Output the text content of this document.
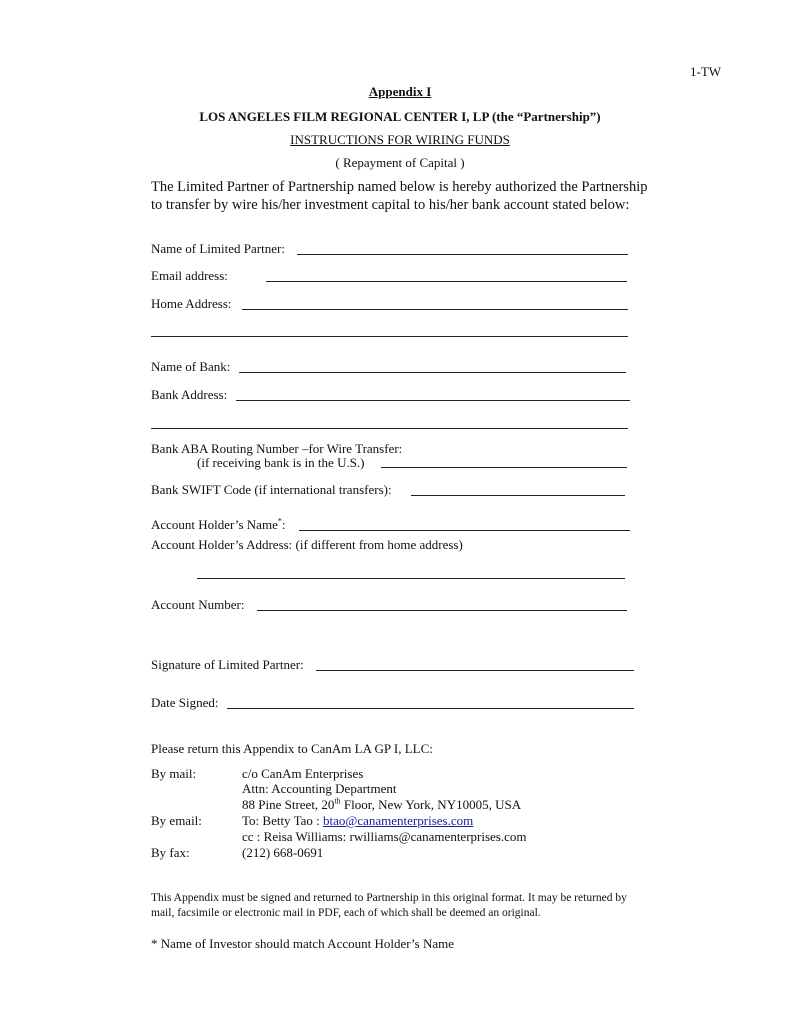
1-TW
Appendix I
LOS ANGELES FILM REGIONAL CENTER I, LP (the “Partnership”)
INSTRUCTIONS FOR WIRING FUNDS
( Repayment of Capital )
The Limited Partner of Partnership named below is hereby authorized the Partnership
to transfer by wire his/her investment capital to his/her bank account stated below:
Name of Limited Partner:
Email address:
Home Address:
Name of Bank:
Bank Address:
Bank ABA Routing Number –for Wire Transfer:
(if receiving bank is in the U.S.)
Bank SWIFT Code (if international transfers):
Account Holder’s Name*:
Account Holder’s Address: (if different from home address)
Account Number:
Signature of Limited Partner:
Date Signed:
Please return this Appendix to CanAm LA GP I, LLC:
By mail:	c/o CanAm Enterprises
Attn: Accounting Department
88 Pine Street, 20th Floor, New York, NY10005, USA
By email:	To: Betty Tao : btao@canamenterprises.com
cc : Reisa Williams: rwilliams@canamenterprises.com
By fax:	(212) 668-0691
This Appendix must be signed and returned to Partnership in this original format. It may be returned by
mail, facsimile or electronic mail in PDF, each of which shall be deemed an original.
* Name of Investor should match Account Holder’s Name
